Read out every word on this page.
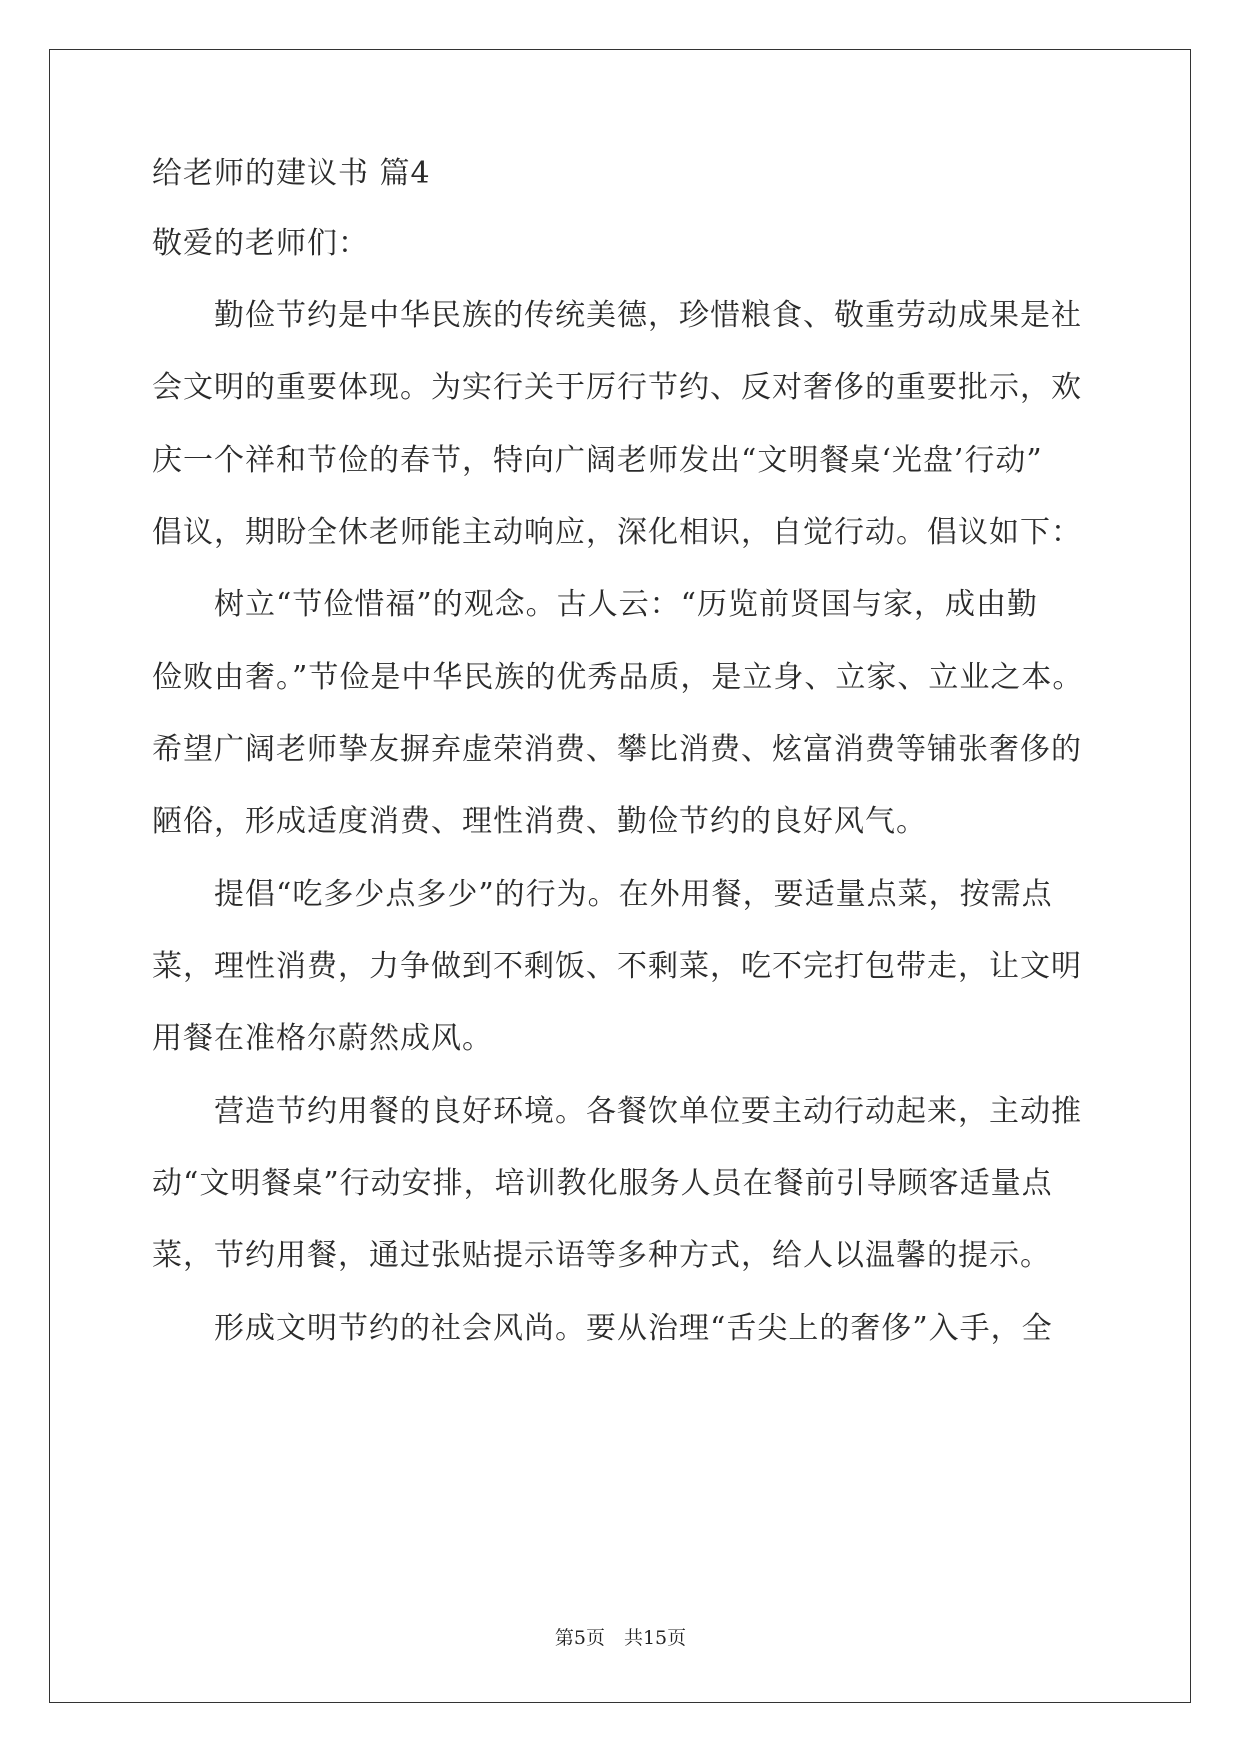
给老师的建议书 篇4
敬爱的老师们：
勤俭节约是中华民族的传统美德，珍惜粮食、敬重劳动成果是社
会文明的重要体现。为实行关于厉行节约、反对奢侈的重要批示，欢
庆一个祥和节俭的春节，特向广阔老师发出“文明餐桌‘光盘’行动”
倡议，期盼全休老师能主动响应，深化相识，自觉行动。倡议如下：
树立“节俭惜福”的观念。古人云：“历览前贤国与家，成由勤
俭败由奢。”节俭是中华民族的优秀品质，是立身、立家、立业之本。
希望广阔老师挚友摒弃虚荣消费、攀比消费、炫富消费等铺张奢侈的
陋俗，形成适度消费、理性消费、勤俭节约的良好风气。
提倡“吃多少点多少”的行为。在外用餐，要适量点菜，按需点
菜，理性消费，力争做到不剩饭、不剩菜，吃不完打包带走，让文明
用餐在准格尔蔚然成风。
营造节约用餐的良好环境。各餐饮单位要主动行动起来，主动推
动“文明餐桌”行动安排，培训教化服务人员在餐前引导顾客适量点
菜，节约用餐，通过张贴提示语等多种方式，给人以温馨的提示。
形成文明节约的社会风尚。要从治理“舌尖上的奢侈”入手，全
第5页　共15页
